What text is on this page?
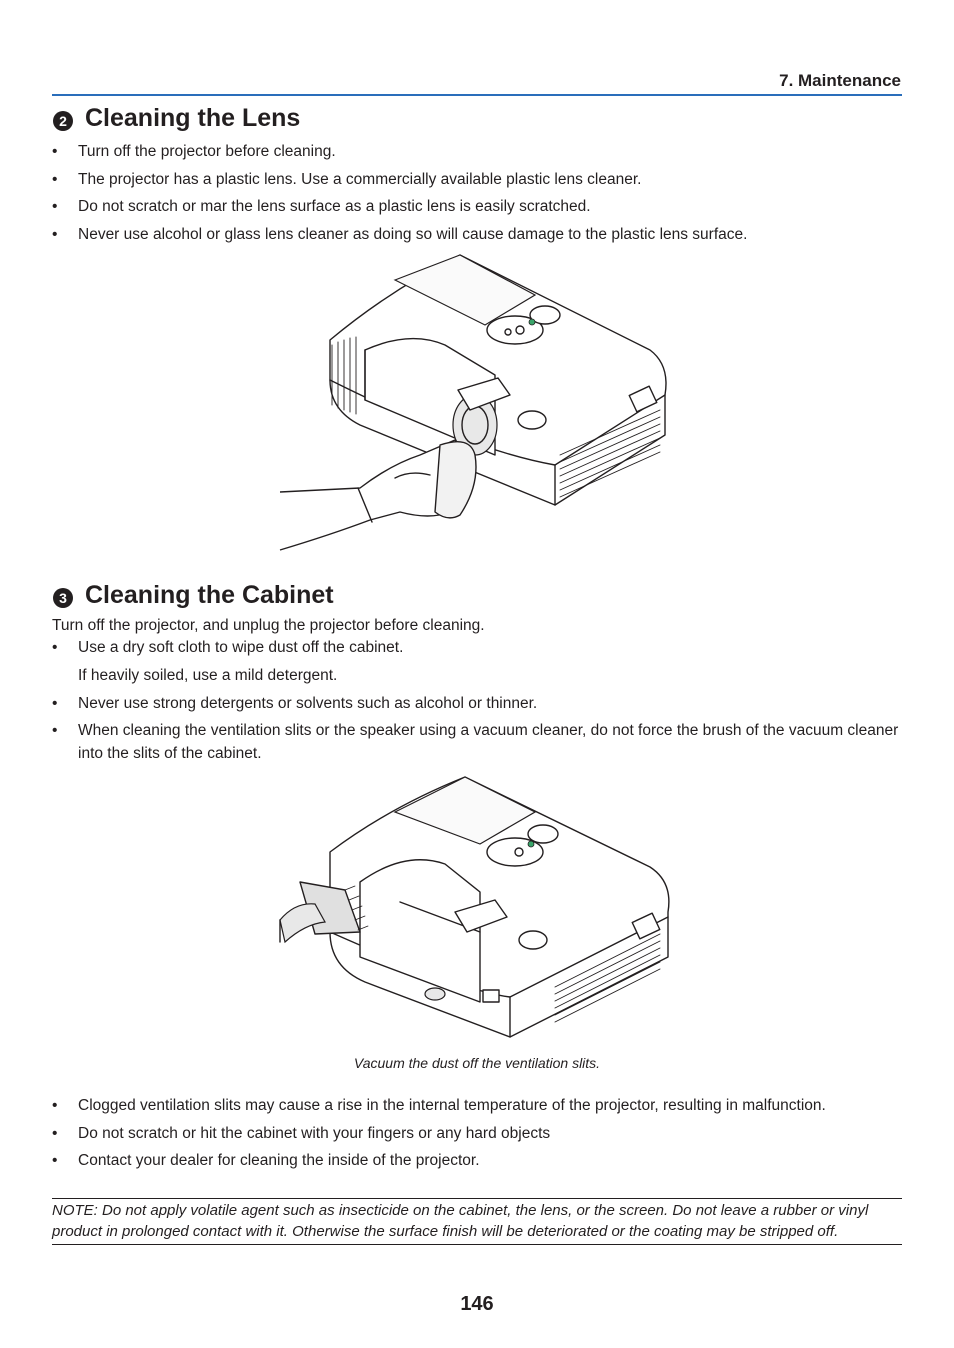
7. Maintenance
2 Cleaning the Lens
• Turn off the projector before cleaning.
• The projector has a plastic lens. Use a commercially available plastic lens cleaner.
• Do not scratch or mar the lens surface as a plastic lens is easily scratched.
• Never use alcohol or glass lens cleaner as doing so will cause damage to the plastic lens surface.
3 Cleaning the Cabinet
Turn off the projector, and unplug the projector before cleaning.
• Use a dry soft cloth to wipe dust off the cabinet.
If heavily soiled, use a mild detergent.
• Never use strong detergents or solvents such as alcohol or thinner.
• When cleaning the ventilation slits or the speaker using a vacuum cleaner, do not force the brush of the vacuum cleaner into the slits of the cabinet.
Vacuum the dust off the ventilation slits.
• Clogged ventilation slits may cause a rise in the internal temperature of the projector, resulting in malfunction.
• Do not scratch or hit the cabinet with your fingers or any hard objects
• Contact your dealer for cleaning the inside of the projector.
NOTE: Do not apply volatile agent such as insecticide on the cabinet, the lens, or the screen. Do not leave a rubber or vinyl product in prolonged contact with it. Otherwise the surface finish will be deteriorated or the coating may be stripped off.
146
